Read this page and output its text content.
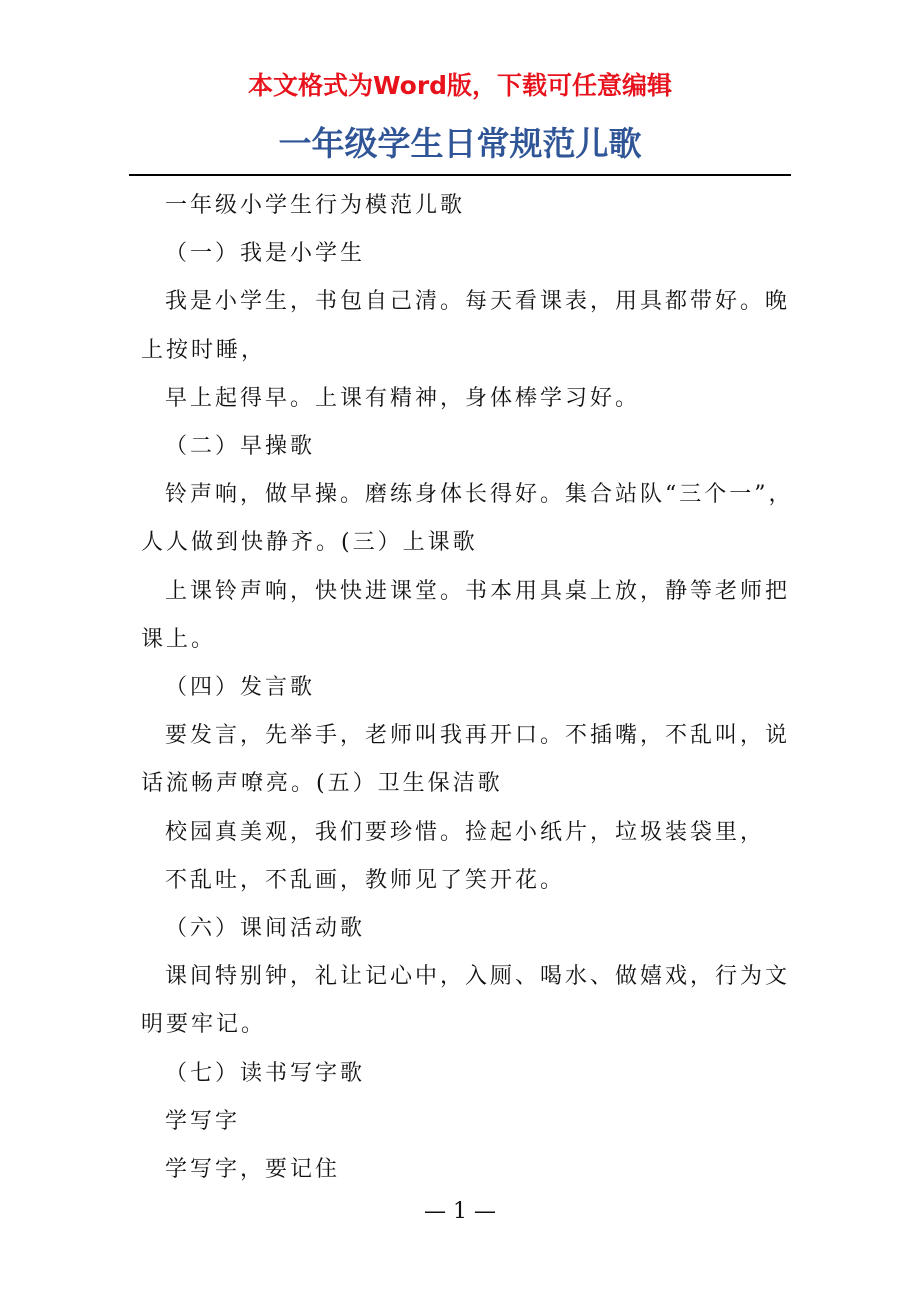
本文格式为Word版，下载可任意编辑
一年级学生日常规范儿歌

一年级小学生行为模范儿歌

（一）我是小学生

我是小学生，书包自己清。每天看课表，用具都带好。晚

上按时睡，

早上起得早。上课有精神，身体棒学习好。

（二）早操歌

铃声响，做早操。磨练身体长得好。集合站队“三个一”，

人人做到快静齐。(三）上课歌

上课铃声响，快快进课堂。书本用具桌上放，静等老师把

课上。

（四）发言歌

要发言，先举手，老师叫我再开口。不插嘴，不乱叫，说

话流畅声嘹亮。(五）卫生保洁歌

校园真美观，我们要珍惜。捡起小纸片，垃圾装袋里，

不乱吐，不乱画，教师见了笑开花。

（六）课间活动歌

课间特别钟，礼让记心中，入厕、喝水、做嬉戏，行为文

明要牢记。

（七）读书写字歌

学写字

学写字，要记住

— 1 —
